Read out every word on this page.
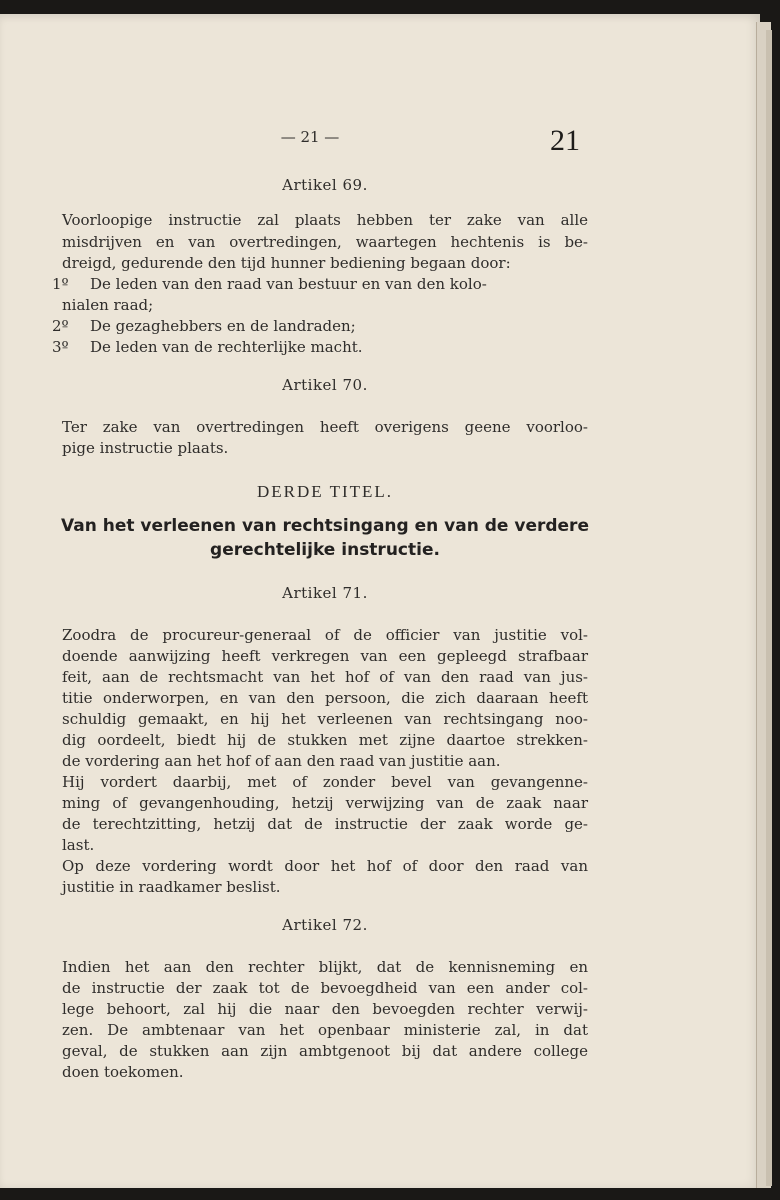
— 21 —	21
Artikel 69.
Voorloopige instructie zal plaats hebben ter zake van alle
misdrijven en van overtredingen, waartegen hechtenis is be-
dreigd, gedurende den tijd hunner bediening begaan door:
1º De leden van den raad van bestuur en van den kolo-
nialen raad;
2º De gezaghebbers en de landraden;
3º De leden van de rechterlijke macht.
Artikel 70.
Ter zake van overtredingen heeft overigens geene voorloo-
pige instructie plaats.
DERDE TITEL.
Van het verleenen van rechtsingang en van de verdere
gerechtelijke instructie.
Artikel 71.
Zoodra de procureur-generaal of de officier van justitie vol-
doende aanwijzing heeft verkregen van een gepleegd strafbaar
feit, aan de rechtsmacht van het hof of van den raad van jus-
titie onderworpen, en van den persoon, die zich daaraan heeft
schuldig gemaakt, en hij het verleenen van rechtsingang noo-
dig oordeelt, biedt hij de stukken met zijne daartoe strekken-
de vordering aan het hof of aan den raad van justitie aan.
Hij vordert daarbij, met of zonder bevel van gevangenne-
ming of gevangenhouding, hetzij verwijzing van de zaak naar
de terechtzitting, hetzij dat de instructie der zaak worde ge-
last.
Op deze vordering wordt door het hof of door den raad van
justitie in raadkamer beslist.
Artikel 72.
Indien het aan den rechter blijkt, dat de kennisneming en
de instructie der zaak tot de bevoegdheid van een ander col-
lege behoort, zal hij die naar den bevoegden rechter verwij-
zen. De ambtenaar van het openbaar ministerie zal, in dat
geval, de stukken aan zijn ambtgenoot bij dat andere college
doen toekomen.
